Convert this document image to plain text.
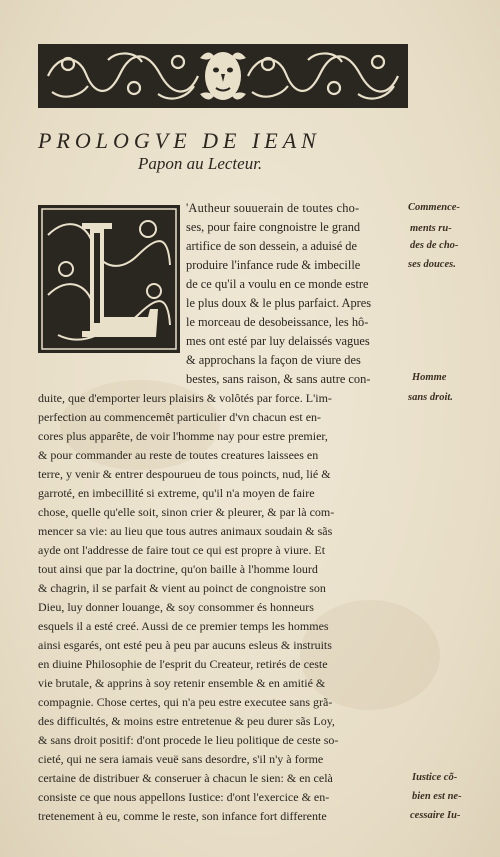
PROLOGVE DE IEAN
Papon au Lecteur.
'Autheur souuerain de toutes cho-
ses, pour faire congnoistre le grand
artifice de son dessein, a aduisé de
produire l'infance rude & imbecille
de ce qu'il a voulu en ce monde estre
le plus doux & le plus parfaict. Apres
le morceau de desobeissance, les hô-
mes ont esté par luy delaissés vagues
& approchans la façon de viure des
bestes, sans raison, & sans autre con-
duite, que d'emporter leurs plaisirs & volôtés par force. L'im-
perfection au commencemêt particulier d'vn chacun est en-
cores plus apparête, de voir l'homme nay pour estre premier,
& pour commander au reste de toutes creatures laissees en
terre, y venir & entrer despourueu de tous poincts, nud, lié &
garroté, en imbecillité si extreme, qu'il n'a moyen de faire
chose, quelle qu'elle soit, sinon crier & pleurer, & par là com-
mencer sa vie: au lieu que tous autres animaux soudain & sãs
ayde ont l'addresse de faire tout ce qui est propre à viure. Et
tout ainsi que par la doctrine, qu'on baille à l'homme lourd
& chagrin, il se parfait & vient au poinct de congnoistre son
Dieu, luy donner louange, & soy consommer és honneurs
esquels il a esté creé. Aussi de ce premier temps les hommes
ainsi esgarés, ont esté peu à peu par aucuns esleus & instruits
en diuine Philosophie de l'esprit du Createur, retirés de ceste
vie brutale, & apprins à soy retenir ensemble & en amitié &
compagnie. Chose certes, qui n'a peu estre executee sans grã-
des difficultés, & moins estre entretenue & peu durer sãs Loy,
& sans droit positif: d'ont procede le lieu politique de ceste so-
cieté, qui ne sera iamais veuë sans desordre, s'il n'y à forme
certaine de distribuer & conseruer à chacun le sien: & en celà
consiste ce que nous appellons Iustice: d'ont l'exercice & en-
tretenement à eu, comme le reste, son infance fort differente
Commence-
ments ru-
des de cho-
ses douces.
Homme
sans droit.
Iustice cõ-
bien est ne-
cessaire Iu-
